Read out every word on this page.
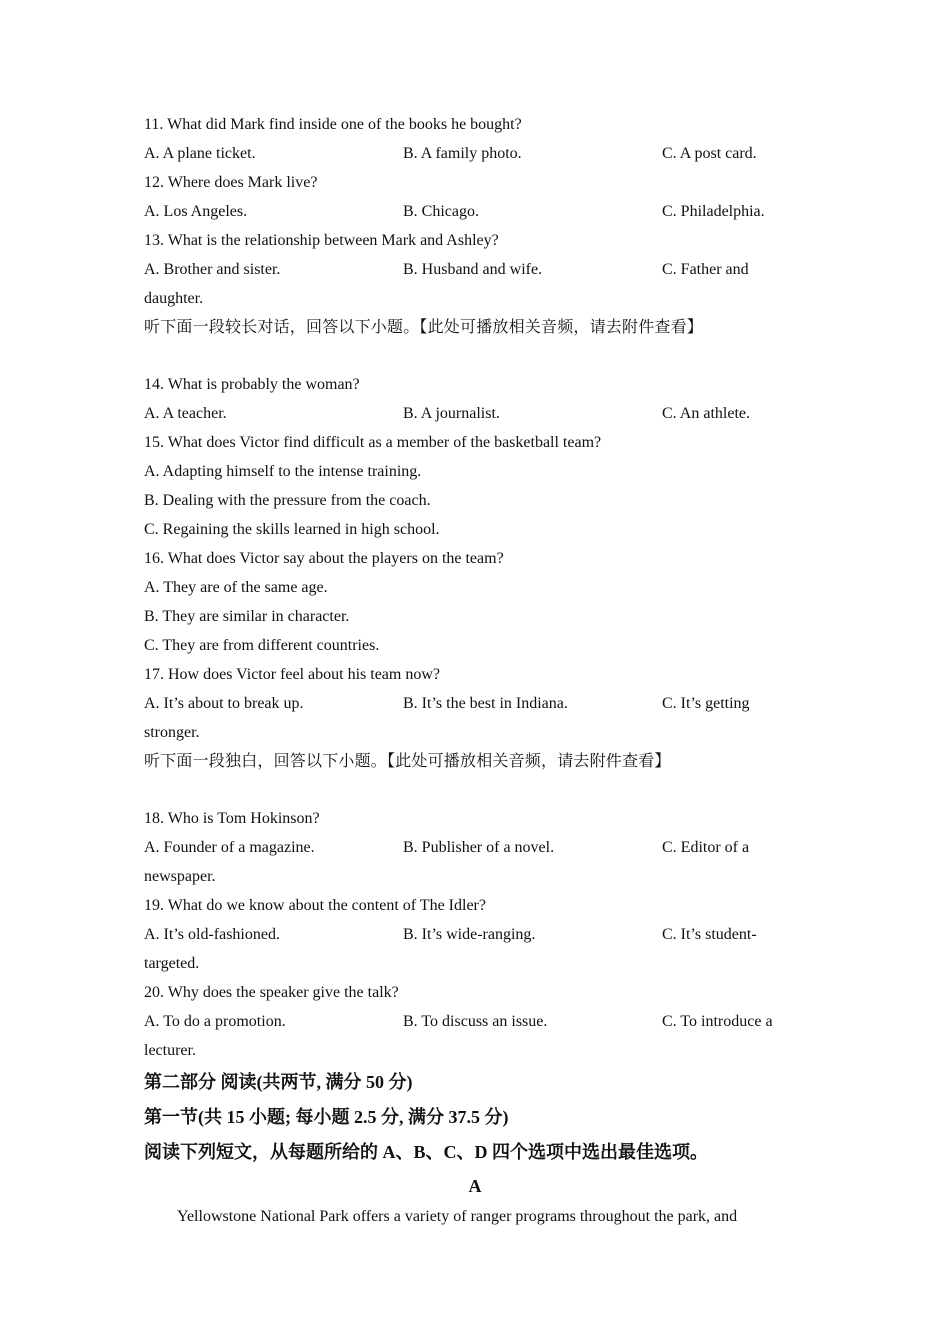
11. What did Mark find inside one of the books he bought?
A. A plane ticket.	B. A family photo.	C. A post card.
12. Where does Mark live?
A. Los Angeles.	B. Chicago.	C. Philadelphia.
13. What is the relationship between Mark and Ashley?
A. Brother and sister.	B. Husband and wife.	C. Father and
daughter.
听下面一段较长对话，回答以下小题。【此处可播放相关音频，请去附件查看】
14. What is probably the woman?
A. A teacher.	B. A journalist.	C. An athlete.
15. What does Victor find difficult as a member of the basketball team?
A. Adapting himself to the intense training.
B. Dealing with the pressure from the coach.
C. Regaining the skills learned in high school.
16. What does Victor say about the players on the team?
A. They are of the same age.
B. They are similar in character.
C. They are from different countries.
17. How does Victor feel about his team now?
A. It’s about to break up.	B. It’s the best in Indiana.	C. It’s getting
stronger.
听下面一段独白，回答以下小题。【此处可播放相关音频，请去附件查看】
18. Who is Tom Hokinson?
A. Founder of a magazine.	B. Publisher of a novel.	C. Editor of a
newspaper.
19. What do we know about the content of The Idler?
A. It’s old-fashioned.	B. It’s wide-ranging.	C. It’s student-
targeted.
20. Why does the speaker give the talk?
A. To do a promotion.	B. To discuss an issue.	C. To introduce a
lecturer.
第二部分 阅读(共两节, 满分 50 分)
第一节(共 15 小题; 每小题 2.5 分, 满分 37.5 分)
阅读下列短文，从每题所给的 A、B、C、D 四个选项中选出最佳选项。
A
Yellowstone National Park offers a variety of ranger programs throughout the park, and
